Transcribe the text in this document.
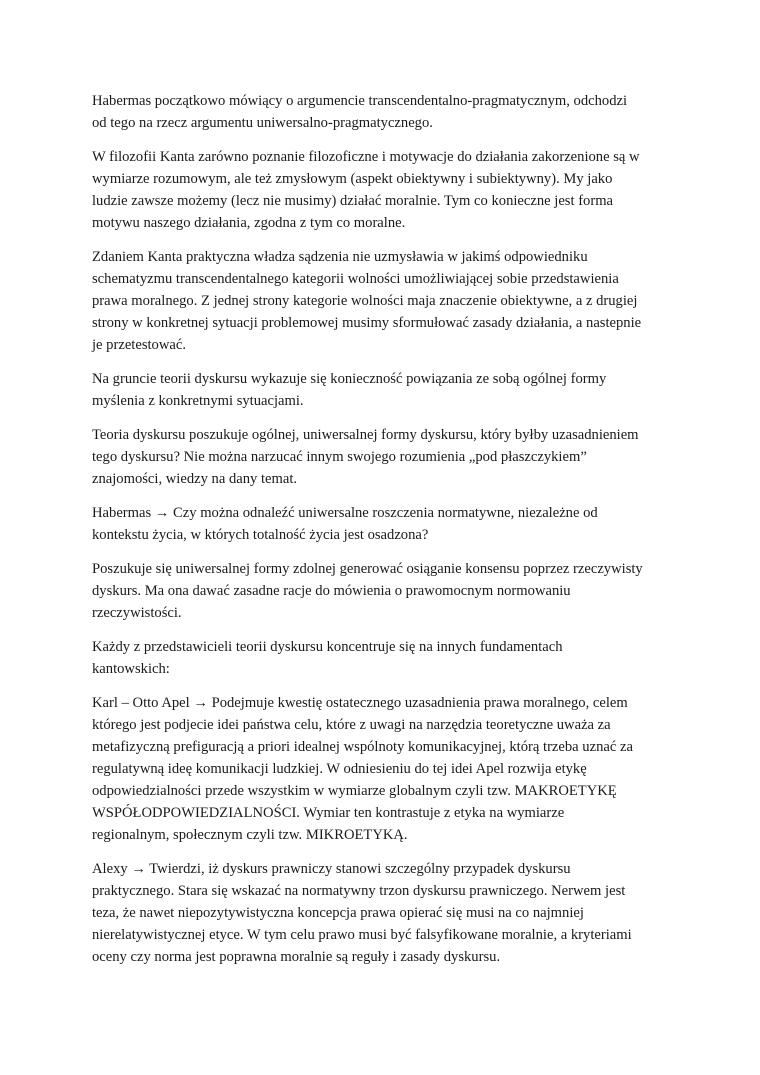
Habermas początkowo mówiący o argumencie transcendentalno-pragmatycznym, odchodzi
od tego na rzecz argumentu uniwersalno-pragmatycznego.

W filozofii Kanta zarówno poznanie filozoficzne i motywacje do działania zakorzenione są w
wymiarze rozumowym, ale też zmysłowym (aspekt obiektywny i subiektywny). My jako
ludzie zawsze możemy (lecz nie musimy) działać moralnie. Tym co konieczne jest forma
motywu naszego działania, zgodna z tym co moralne.

Zdaniem Kanta praktyczna władza sądzenia nie uzmysławia w jakimś odpowiedniku
schematyzmu transcendentalnego kategorii wolności umożliwiającej sobie przedstawienia
prawa moralnego. Z jednej strony kategorie wolności maja znaczenie obiektywne, a z drugiej
strony w konkretnej sytuacji problemowej musimy sformułować zasady działania, a nastepnie
je przetestować.

Na gruncie teorii dyskursu wykazuje się konieczność powiązania ze sobą ogólnej formy
myślenia z konkretnymi sytuacjami.

Teoria dyskursu poszukuje ogólnej, uniwersalnej formy dyskursu, który byłby uzasadnieniem
tego dyskursu? Nie można narzucać innym swojego rozumienia „pod płaszczykiem”
znajomości, wiedzy na dany temat.

Habermas → Czy można odnaleźć uniwersalne roszczenia normatywne, niezależne od
kontekstu życia, w których totalność życia jest osadzona?

Poszukuje się uniwersalnej formy zdolnej generować osiąganie konsensu poprzez rzeczywisty
dyskurs. Ma ona dawać zasadne racje do mówienia o prawomocnym normowaniu
rzeczywistości.

Każdy z przedstawicieli teorii dyskursu koncentruje się na innych fundamentach
kantowskich:

Karl – Otto Apel → Podejmuje kwestię ostatecznego uzasadnienia prawa moralnego, celem
którego jest podjecie idei państwa celu, które z uwagi na narzędzia teoretyczne uważa za
metafizyczną prefiguracją a priori idealnej wspólnoty komunikacyjnej, którą trzeba uznać za
regulatywną ideę komunikacji ludzkiej. W odniesieniu do tej idei Apel rozwija etykę
odpowiedzialności przede wszystkim w wymiarze globalnym czyli tzw. MAKROETYKĘ
WSPÓŁODPOWIEDZIALNOŚCI. Wymiar ten kontrastuje z etyka na wymiarze
regionalnym, społecznym czyli tzw. MIKROETYKĄ.

Alexy → Twierdzi, iż dyskurs prawniczy stanowi szczególny przypadek dyskursu
praktycznego. Stara się wskazać na normatywny trzon dyskursu prawniczego. Nerwem jest
teza, że nawet niepozytywistyczna koncepcja prawa opierać się musi na co najmniej
nierelatywistycznej etyce. W tym celu prawo musi być falsyfikowane moralnie, a kryteriami
oceny czy norma jest poprawna moralnie są reguły i zasady dyskursu.
